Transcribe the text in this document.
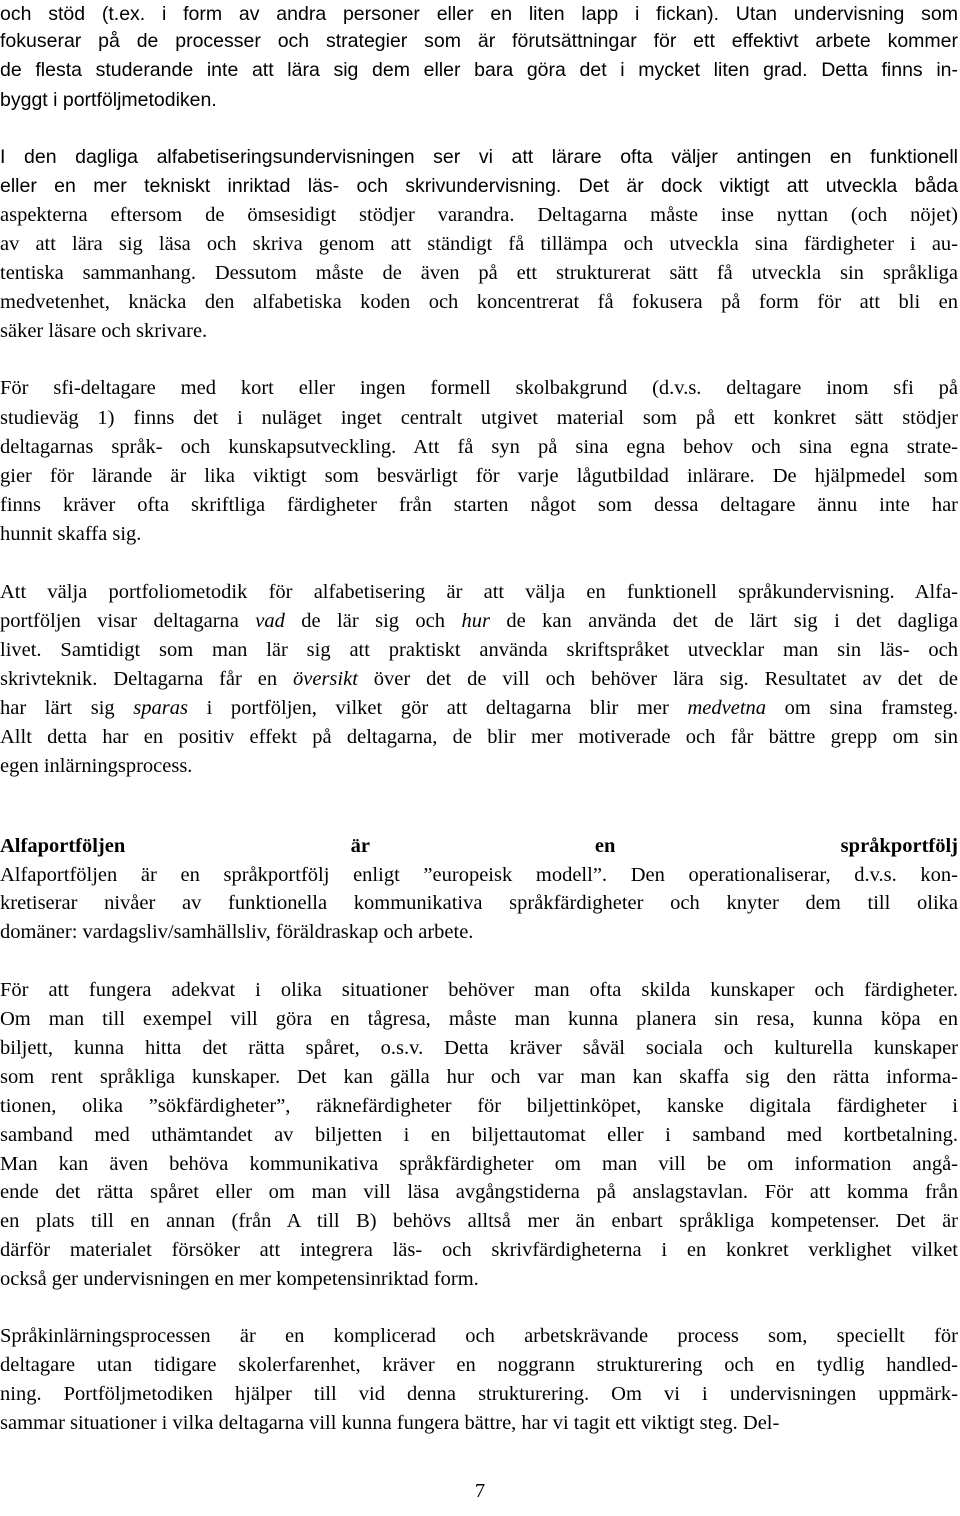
och stöd (t.ex. i form av andra personer eller en liten lapp i fickan). Utan undervisning som
fokuserar på de processer och strategier som är förutsättningar för ett effektivt arbete kommer
de flesta studerande inte att lära sig dem eller bara göra det i mycket liten grad. Detta finns in-
byggt i portföljmetodiken.
I den dagliga alfabetiseringsundervisningen ser vi att lärare ofta väljer antingen en funktionell
eller en mer tekniskt inriktad läs- och skrivundervisning. Det är dock viktigt att utveckla båda
aspekterna eftersom de ömsesidigt stödjer varandra. Deltagarna måste inse nyttan (och nöjet)
av att lära sig läsa och skriva genom att ständigt få tillämpa och utveckla sina färdigheter i au-
tentiska sammanhang. Dessutom måste de även på ett strukturerat sätt få utveckla sin språkliga
medvetenhet, knäcka den alfabetiska koden och koncentrerat få fokusera på form för att bli en
säker läsare och skrivare.
För sfi-deltagare med kort eller ingen formell skolbakgrund (d.v.s. deltagare inom sfi på
studieväg 1) finns det i nuläget inget centralt utgivet material som på ett konkret sätt stödjer
deltagarnas språk- och kunskapsutveckling. Att få syn på sina egna behov och sina egna strate-
gier för lärande är lika viktigt som besvärligt för varje lågutbildad inlärare. De hjälpmedel som
finns kräver ofta skriftliga färdigheter från starten något som dessa deltagare ännu inte har
hunnit skaffa sig.
Att välja portfoliometodik för alfabetisering är att välja en funktionell språkundervisning. Alfa-
portföljen visar deltagarna vad de lär sig och hur de kan använda det de lärt sig i det dagliga
livet. Samtidigt som man lär sig att praktiskt använda skriftspråket utvecklar man sin läs- och
skrivteknik. Deltagarna får en översikt över det de vill och behöver lära sig. Resultatet av det de
har lärt sig sparas i portföljen, vilket gör att deltagarna blir mer medvetna om sina framsteg.
Allt detta har en positiv effekt på deltagarna, de blir mer motiverade och får bättre grepp om sin
egen inlärningsprocess.
Alfaportföljen är en språkportfölj
Alfaportföljen är en språkportfölj enligt ”europeisk modell”. Den operationaliserar, d.v.s. kon-
kretiserar nivåer av funktionella kommunikativa språkfärdigheter och knyter dem till olika
domäner: vardagsliv/samhällsliv, föräldraskap och arbete.
För att fungera adekvat i olika situationer behöver man ofta skilda kunskaper och färdigheter.
Om man till exempel vill göra en tågresa, måste man kunna planera sin resa, kunna köpa en
biljett, kunna hitta det rätta spåret, o.s.v. Detta kräver såväl sociala och kulturella kunskaper
som rent språkliga kunskaper. Det kan gälla hur och var man kan skaffa sig den rätta informa-
tionen, olika ”sökfärdigheter”, räknefärdigheter för biljettinköpet, kanske digitala färdigheter i
samband med uthämtandet av biljetten i en biljettautomat eller i samband med kortbetalning.
Man kan även behöva kommunikativa språkfärdigheter om man vill be om information angå-
ende det rätta spåret eller om man vill läsa avgångstiderna på anslagstavlan. För att komma från
en plats till en annan (från A till B) behövs alltså mer än enbart språkliga kompetenser. Det är
därför materialet försöker att integrera läs- och skrivfärdigheterna i en konkret verklighet vilket
också ger undervisningen en mer kompetensinriktad form.
Språkinlärningsprocessen är en komplicerad och arbetskrävande process som, speciellt för
deltagare utan tidigare skolerfarenhet, kräver en noggrann strukturering och en tydlig handled-
ning. Portföljmetodiken hjälper till vid denna strukturering. Om vi i undervisningen uppmärk-
sammar situationer i vilka deltagarna vill kunna fungera bättre, har vi tagit ett viktigt steg. Del-
7
